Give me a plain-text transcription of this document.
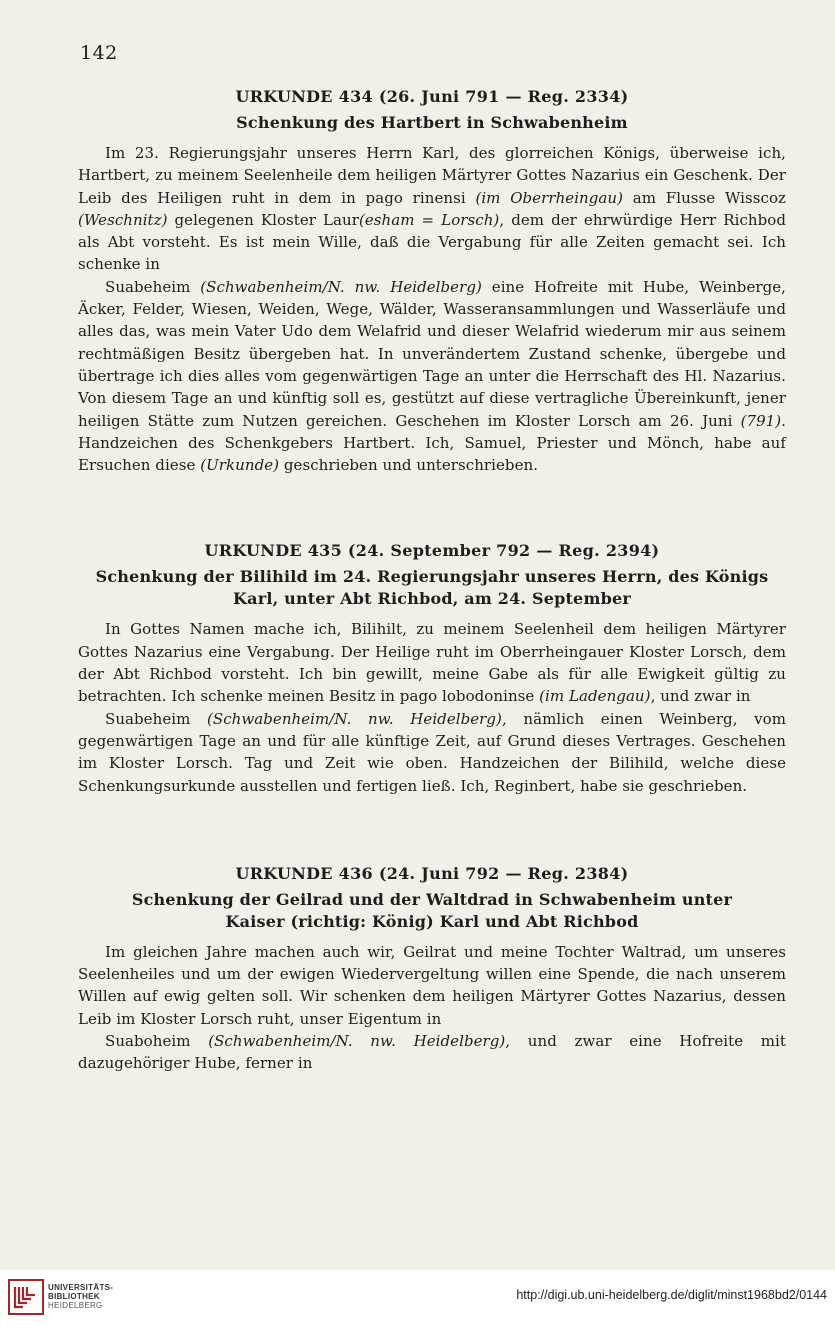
142
URKUNDE 434 (26. Juni 791 — Reg. 2334)
Schenkung des Hartbert in Schwabenheim

Im 23. Regierungsjahr unseres Herrn Karl, des glorreichen Königs, überweise ich, Hartbert, zu meinem Seelenheile dem heiligen Märtyrer Gottes Nazarius ein Geschenk. Der Leib des Heiligen ruht in dem in pago rinensi (im Oberrheingau) am Flusse Wisscoz (Weschnitz) gelegenen Kloster Laur(esham = Lorsch), dem der ehrwürdige Herr Richbod als Abt vorsteht. Es ist mein Wille, daß die Vergabung für alle Zeiten gemacht sei. Ich schenke in

Suabeheim (Schwabenheim/N. nw. Heidelberg) eine Hofreite mit Hube, Weinberge, Äcker, Felder, Wiesen, Weiden, Wege, Wälder, Wasseransammlungen und Wasserläufe und alles das, was mein Vater Udo dem Welafrid und dieser Welafrid wiederum mir aus seinem rechtmäßigen Besitz übergeben hat. In unverändertem Zustand schenke, übergebe und übertrage ich dies alles vom gegenwärtigen Tage an unter die Herrschaft des Hl. Nazarius. Von diesem Tage an und künftig soll es, gestützt auf diese vertragliche Übereinkunft, jener heiligen Stätte zum Nutzen gereichen. Geschehen im Kloster Lorsch am 26. Juni (791). Handzeichen des Schenkgebers Hartbert. Ich, Samuel, Priester und Mönch, habe auf Ersuchen diese (Urkunde) geschrieben und unterschrieben.

URKUNDE 435 (24. September 792 — Reg. 2394)
Schenkung der Bilihild im 24. Regierungsjahr unseres Herrn, des Königs
Karl, unter Abt Richbod, am 24. September

In Gottes Namen mache ich, Bilihilt, zu meinem Seelenheil dem heiligen Märtyrer Gottes Nazarius eine Vergabung. Der Heilige ruht im Oberrheingauer Kloster Lorsch, dem der Abt Richbod vorsteht. Ich bin gewillt, meine Gabe als für alle Ewigkeit gültig zu betrachten. Ich schenke meinen Besitz in pago lobodoninse (im Ladengau), und zwar in

Suabeheim (Schwabenheim/N. nw. Heidelberg), nämlich einen Weinberg, vom gegenwärtigen Tage an und für alle künftige Zeit, auf Grund dieses Vertrages. Geschehen im Kloster Lorsch. Tag und Zeit wie oben. Handzeichen der Bilihild, welche diese Schenkungsurkunde ausstellen und fertigen ließ. Ich, Reginbert, habe sie geschrieben.

URKUNDE 436 (24. Juni 792 — Reg. 2384)
Schenkung der Geilrad und der Waltdrad in Schwabenheim unter
Kaiser (richtig: König) Karl und Abt Richbod

Im gleichen Jahre machen auch wir, Geilrat und meine Tochter Waltrad, um unseres Seelenheiles und um der ewigen Wiedervergeltung willen eine Spende, die nach unserem Willen auf ewig gelten soll. Wir schenken dem heiligen Märtyrer Gottes Nazarius, dessen Leib im Kloster Lorsch ruht, unser Eigentum in

Suaboheim (Schwabenheim/N. nw. Heidelberg), und zwar eine Hofreite mit dazugehöriger Hube, ferner in

UNIVERSITÄTS-
BIBLIOTHEK
HEIDELBERG
http://digi.ub.uni-heidelberg.de/diglit/minst1968bd2/0144
